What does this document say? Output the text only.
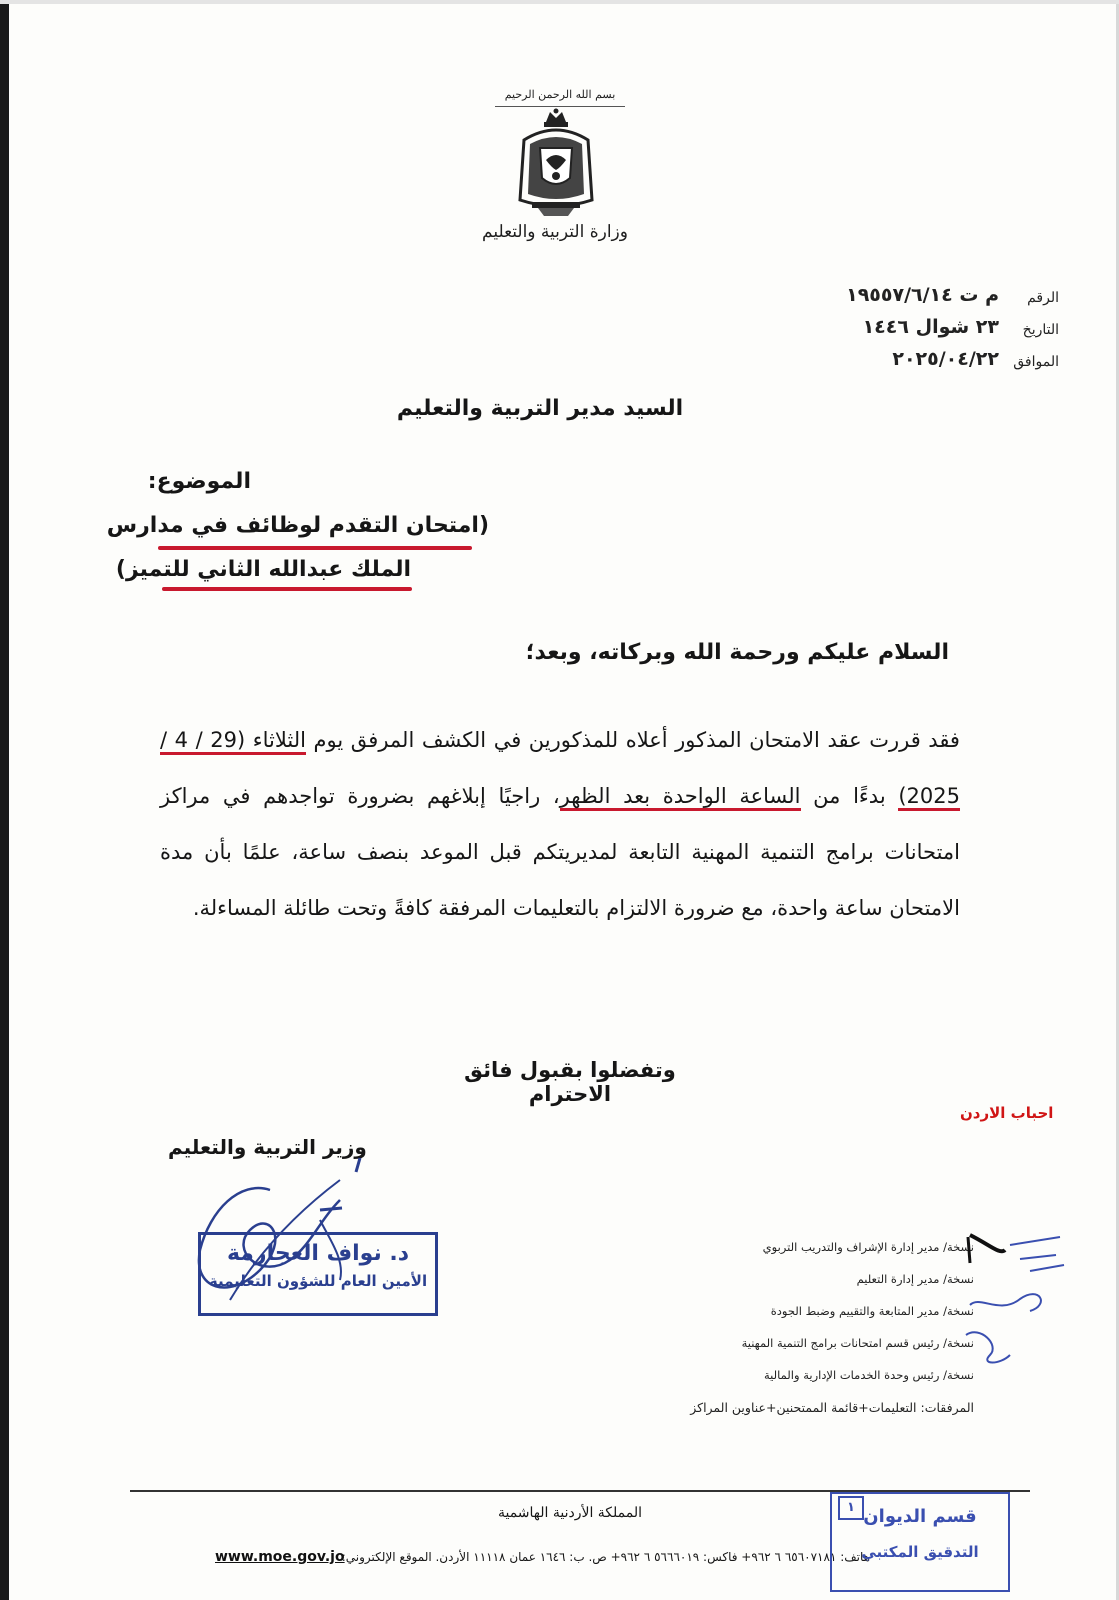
بسم الله الرحمن الرحيم
وزارة التربية والتعليم
الرقم
م ت ١٩٥٥٧/٦/١٤
التاريخ
٢٣ شوال ١٤٤٦
الموافق
٢٠٢٥/٠٤/٢٢
السيد مدير التربية والتعليم
الموضوع:
(امتحان التقدم لوظائف في مدارس
الملك عبدالله الثاني للتميز)
السلام عليكم ورحمة الله وبركاته، وبعد؛
فقد قررت عقد الامتحان المذكور أعلاه للمذكورين في الكشف المرفق يوم الثلاثاء (29 / 4 / 2025) بدءًا من الساعة الواحدة بعد الظهر، راجيًا إبلاغهم بضرورة تواجدهم في مراكز امتحانات برامج التنمية المهنية التابعة لمديريتكم قبل الموعد بنصف ساعة، علمًا بأن مدة الامتحان ساعة واحدة، مع ضرورة الالتزام بالتعليمات المرفقة كافةً وتحت طائلة المساءلة.
وتفضلوا بقبول فائق الاحترام
احباب الاردن
وزير التربية والتعليم
د. نواف العجارمة
الأمين العام للشؤون التعليمية
نسخة/ مدير إدارة الإشراف والتدريب التربوي
نسخة/ مدير إدارة التعليم
نسخة/ مدير المتابعة والتقييم وضبط الجودة
نسخة/ رئيس قسم امتحانات برامج التنمية المهنية
نسخة/ رئيس وحدة الخدمات الإدارية والمالية
المرفقات: التعليمات+قائمة الممتحنين+عناوين المراكز
المملكة الأردنية الهاشمية
هاتف: ٦٥٦٠٧١٨١ ٦ ٩٦٢+ فاكس: ٥٦٦٦٠١٩ ٦ ٩٦٢+ ص. ب: ١٦٤٦ عمان ١١١١٨ الأردن. الموقع الإلكتروني:
www.moe.gov.jo
١ قسم الديوان
التدقيق المكتبي
